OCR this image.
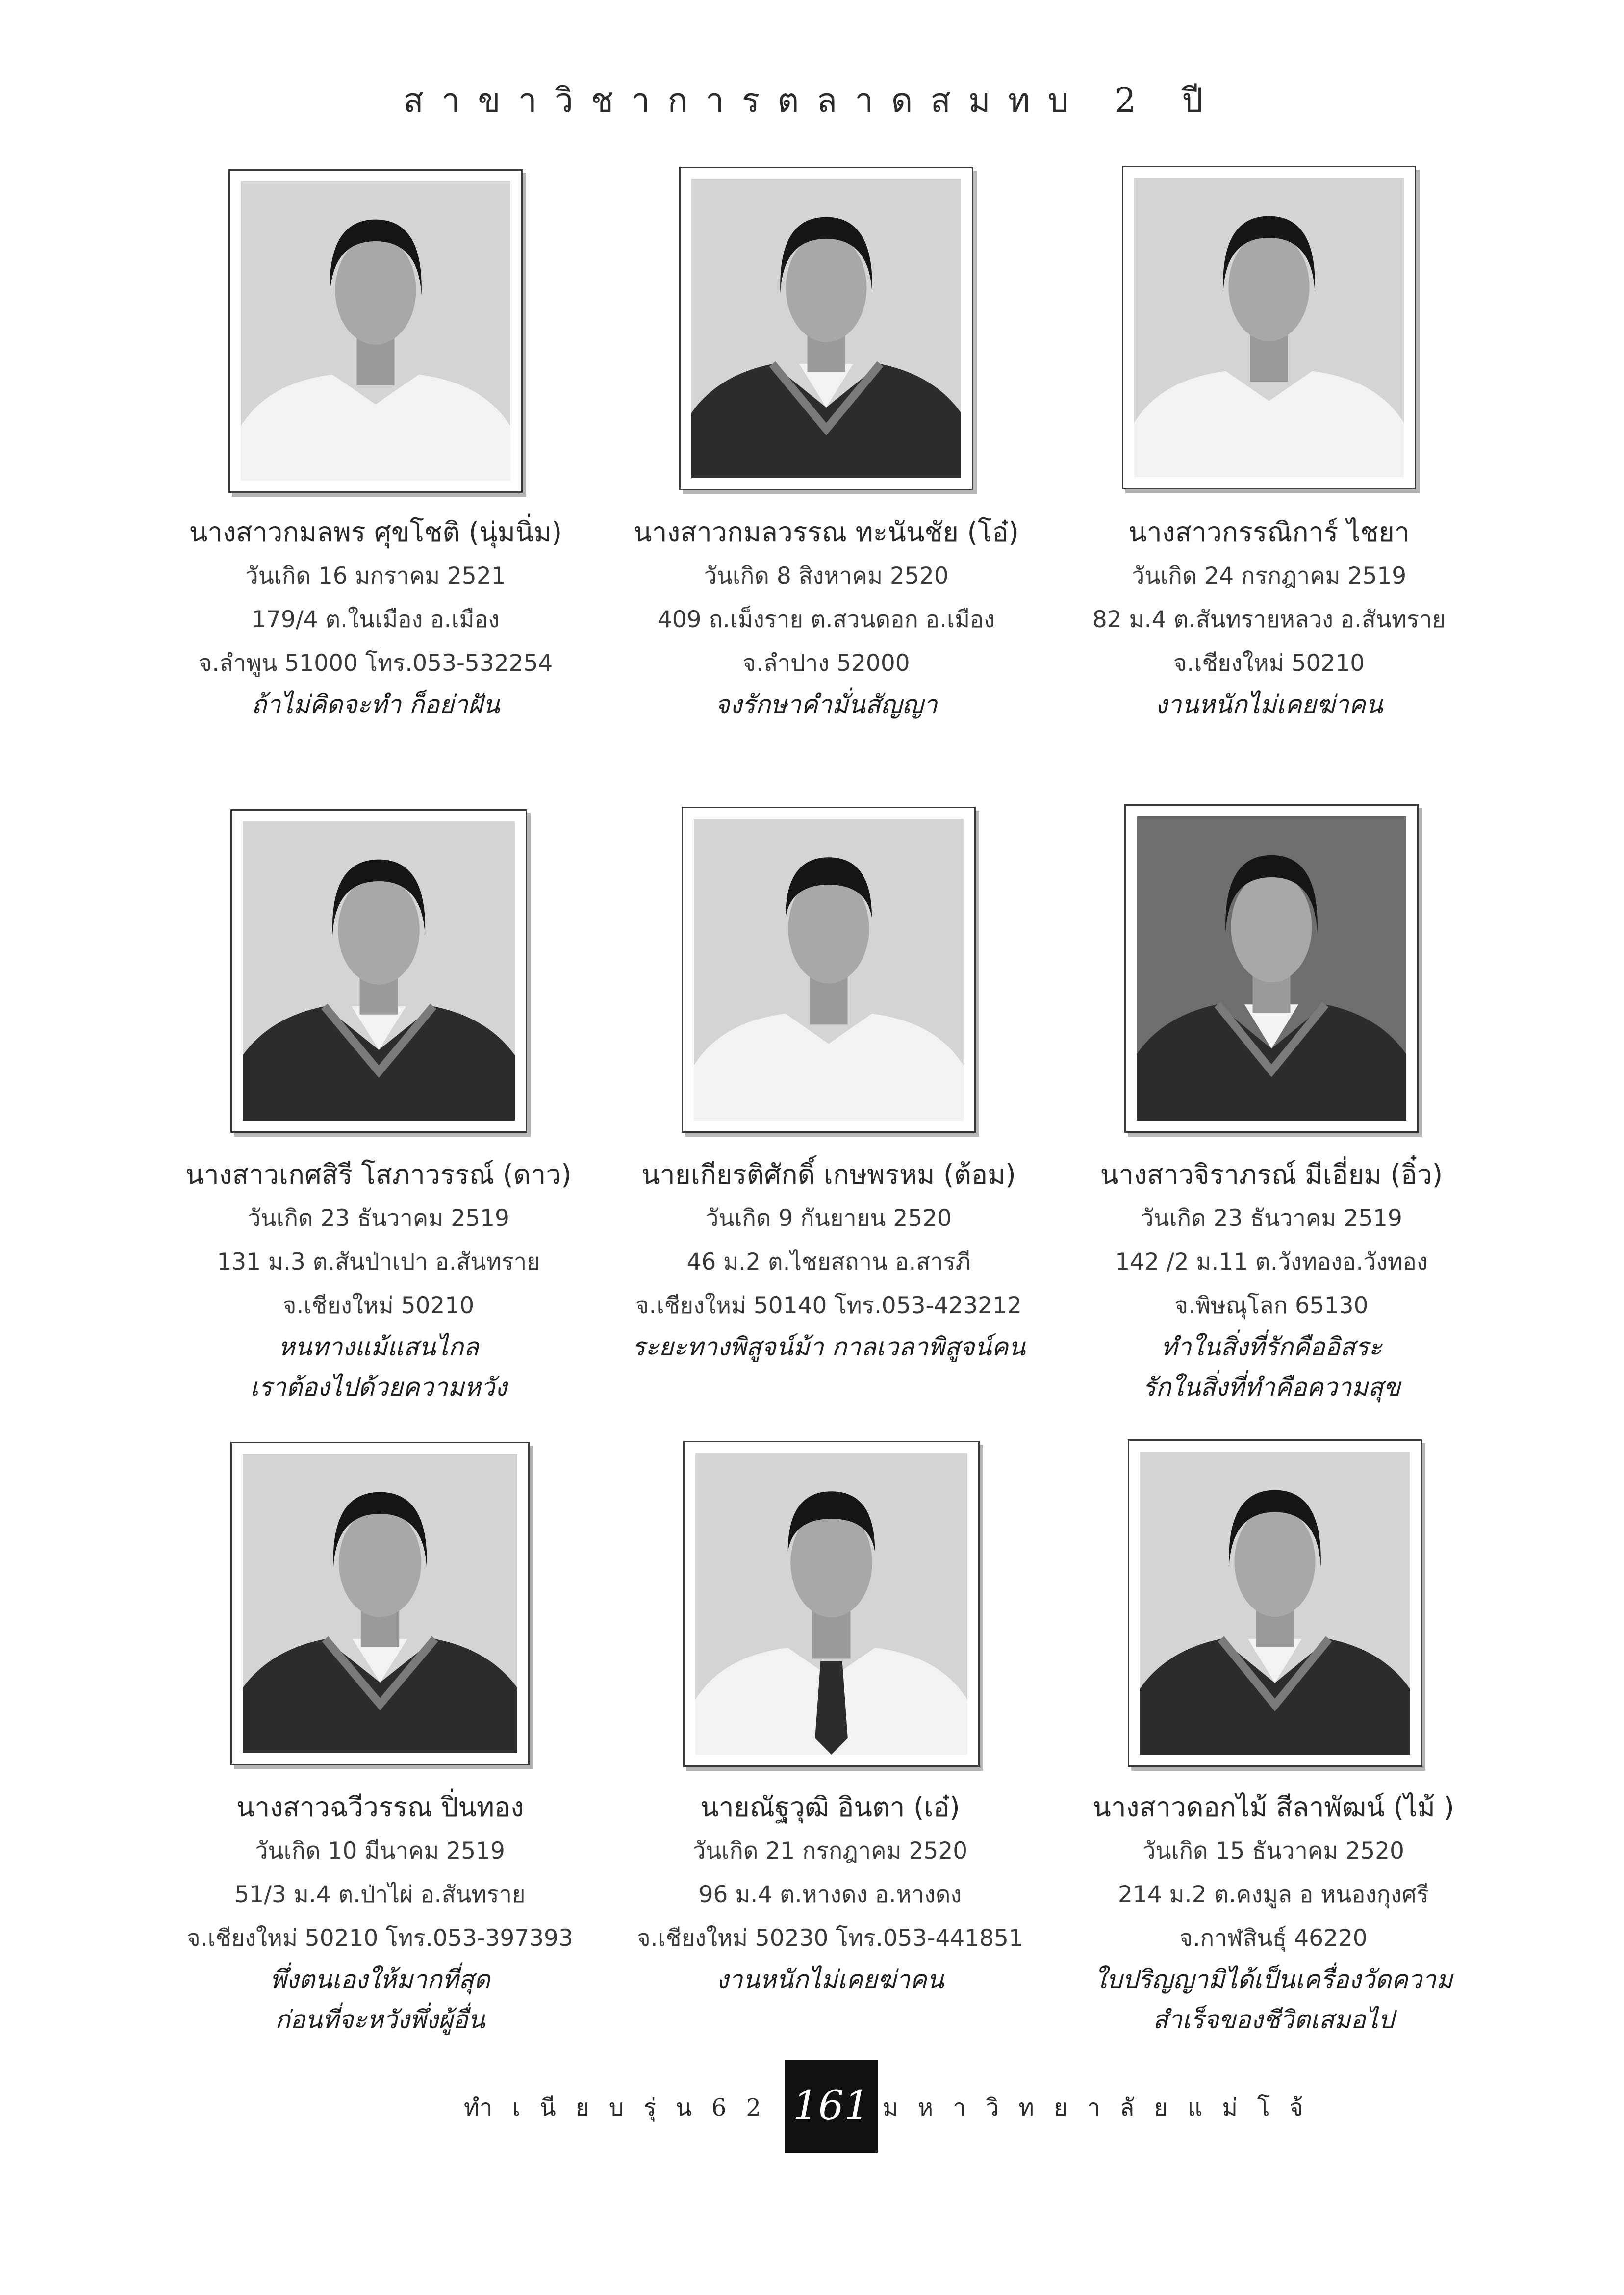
สาขาวิชาการตลาดสมทบ 2 ปี

นางสาวกมลพร ศุขโชติ (นุ่มนิ่ม)

วันเกิด 16 มกราคม 2521

179/4 ต.ในเมือง อ.เมือง

จ.ลำพูน 51000 โทร.053-532254

ถ้าไม่คิดจะทำ ก็อย่าฝัน

นางสาวกมลวรรณ ทะนันชัย (โอ๋)

วันเกิด 8 สิงหาคม 2520

409 ถ.เม็งราย ต.สวนดอก อ.เมือง

จ.ลำปาง 52000

จงรักษาคำมั่นสัญญา

นางสาวกรรณิการ์ ไชยา

วันเกิด 24 กรกฎาคม 2519

82 ม.4 ต.สันทรายหลวง อ.สันทราย

จ.เชียงใหม่ 50210

งานหนักไม่เคยฆ่าคน

นางสาวเกศสิรี โสภาวรรณ์ (ดาว)

วันเกิด 23 ธันวาคม 2519

131 ม.3 ต.สันป่าเปา อ.สันทราย

จ.เชียงใหม่ 50210

หนทางแม้แสนไกล

เราต้องไปด้วยความหวัง

นายเกียรติศักดิ์ เกษพรหม (ต้อม)

วันเกิด 9 กันยายน 2520

46 ม.2 ต.ไชยสถาน อ.สารภี

จ.เชียงใหม่ 50140 โทร.053-423212

ระยะทางพิสูจน์ม้า กาลเวลาพิสูจน์คน

นางสาวจิราภรณ์ มีเอี่ยม (อิ๋ว)

วันเกิด 23 ธันวาคม 2519

142 /2 ม.11 ต.วังทองอ.วังทอง

จ.พิษณุโลก 65130

ทำในสิ่งที่รักคืออิสระ

รักในสิ่งที่ทำคือความสุข

นางสาวฉวีวรรณ ปิ่นทอง

วันเกิด 10 มีนาคม 2519

51/3 ม.4 ต.ป่าไผ่ อ.สันทราย

จ.เชียงใหม่ 50210 โทร.053-397393

พึ่งตนเองให้มากที่สุด

ก่อนที่จะหวังพึ่งผู้อื่น

นายณัฐวุฒิ อินตา (เอ๋)

วันเกิด 21 กรกฎาคม 2520

96 ม.4 ต.หางดง อ.หางดง

จ.เชียงใหม่ 50230 โทร.053-441851

งานหนักไม่เคยฆ่าคน

นางสาวดอกไม้ สีลาพัฒน์ (ไม้ )

วันเกิด 15 ธันวาคม 2520

214 ม.2 ต.คงมูล อ หนองกุงศรี

จ.กาฬสินธุ์ 46220

ใบปริญญามิได้เป็นเครื่องวัดความ

สำเร็จของชีวิตเสมอไป

ทำเนียบรุ่น62 161 มหาวิทยาลัยแม่โจ้
